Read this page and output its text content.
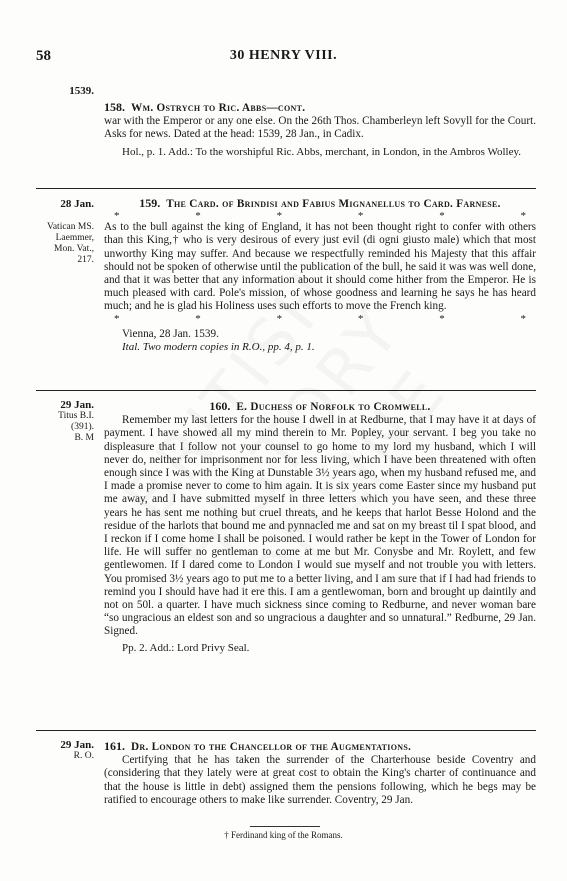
58	30 HENRY VIII.
1539.
158. Wm. Ostrych to Ric. Abbs—cont.
war with the Emperor or any one else. On the 26th Thos. Chamberleyn left Sovyll for the Court. Asks for news. Dated at the head: 1539, 28 Jan., in Cadix.
Hol., p. 1. Add.: To the worshipful Ric. Abbs, merchant, in London, in the Ambros Wolley.
28 Jan.
Vatican MS.
Laemmer,
Mon. Vat.,
217.
159. The Card. of Brindisi and Fabius Mignanellus to Card. Farnese.
*	*	*	*	*	*
As to the bull against the king of England, it has not been thought right to confer with others than this King,† who is very desirous of every just evil (di ogni giusto male) which that most unworthy King may suffer. And because we respectfully reminded his Majesty that this affair should not be spoken of otherwise until the publication of the bull, he said it was was well done, and that it was better that any information about it should come hither from the Emperor. He is much pleased with card. Pole's mission, of whose goodness and learning he says he has heard much; and he is glad his Holiness uses such efforts to move the French king.
*	*	*	*	*	*
Vienna, 28 Jan. 1539.
Ital. Two modern copies in R.O., pp. 4, p. 1.
29 Jan.
Titus B.I.
(391).
B. M
160. E. Duchess of Norfolk to Cromwell.
Remember my last letters for the house I dwell in at Redburne, that I may have it at days of payment. I have showed all my mind therein to Mr. Popley, your servant. I beg you take no displeasure that I follow not your counsel to go home to my lord my husband, which I will never do, neither for imprisonment nor for less living, which I have been threatened with often enough since I was with the King at Dunstable 3½ years ago, when my husband refused me, and I made a promise never to come to him again. It is six years come Easter since my husband put me away, and I have submitted myself in three letters which you have seen, and these three years he has sent me nothing but cruel threats, and he keeps that harlot Besse Holond and the residue of the harlots that bound me and pynnacled me and sat on my breast til I spat blood, and I reckon if I come home I shall be poisoned. I would rather be kept in the Tower of London for life. He will suffer no gentleman to come at me but Mr. Conysbe and Mr. Roylett, and few gentlewomen. If I dared come to London I would sue myself and not trouble you with letters. You promised 3½ years ago to put me to a better living, and I am sure that if I had had friends to remind you I should have had it ere this. I am a gentlewoman, born and brought up daintily and not on 50l. a quarter. I have much sickness since coming to Redburne, and never woman bare “so ungracious an eldest son and so ungracious a daughter and so unnatural.” Redburne, 29 Jan. Signed.
Pp. 2. Add.: Lord Privy Seal.
29 Jan.
R. O.
161. Dr. London to the Chancellor of the Augmentations.
Certifying that he has taken the surrender of the Charterhouse beside Coventry and (considering that they lately were at great cost to obtain the King's charter of continuance and that the house is little in debt) assigned them the pensions following, which he begs may be ratified to encourage others to make like surrender. Coventry, 29 Jan.
† Ferdinand king of the Romans.
